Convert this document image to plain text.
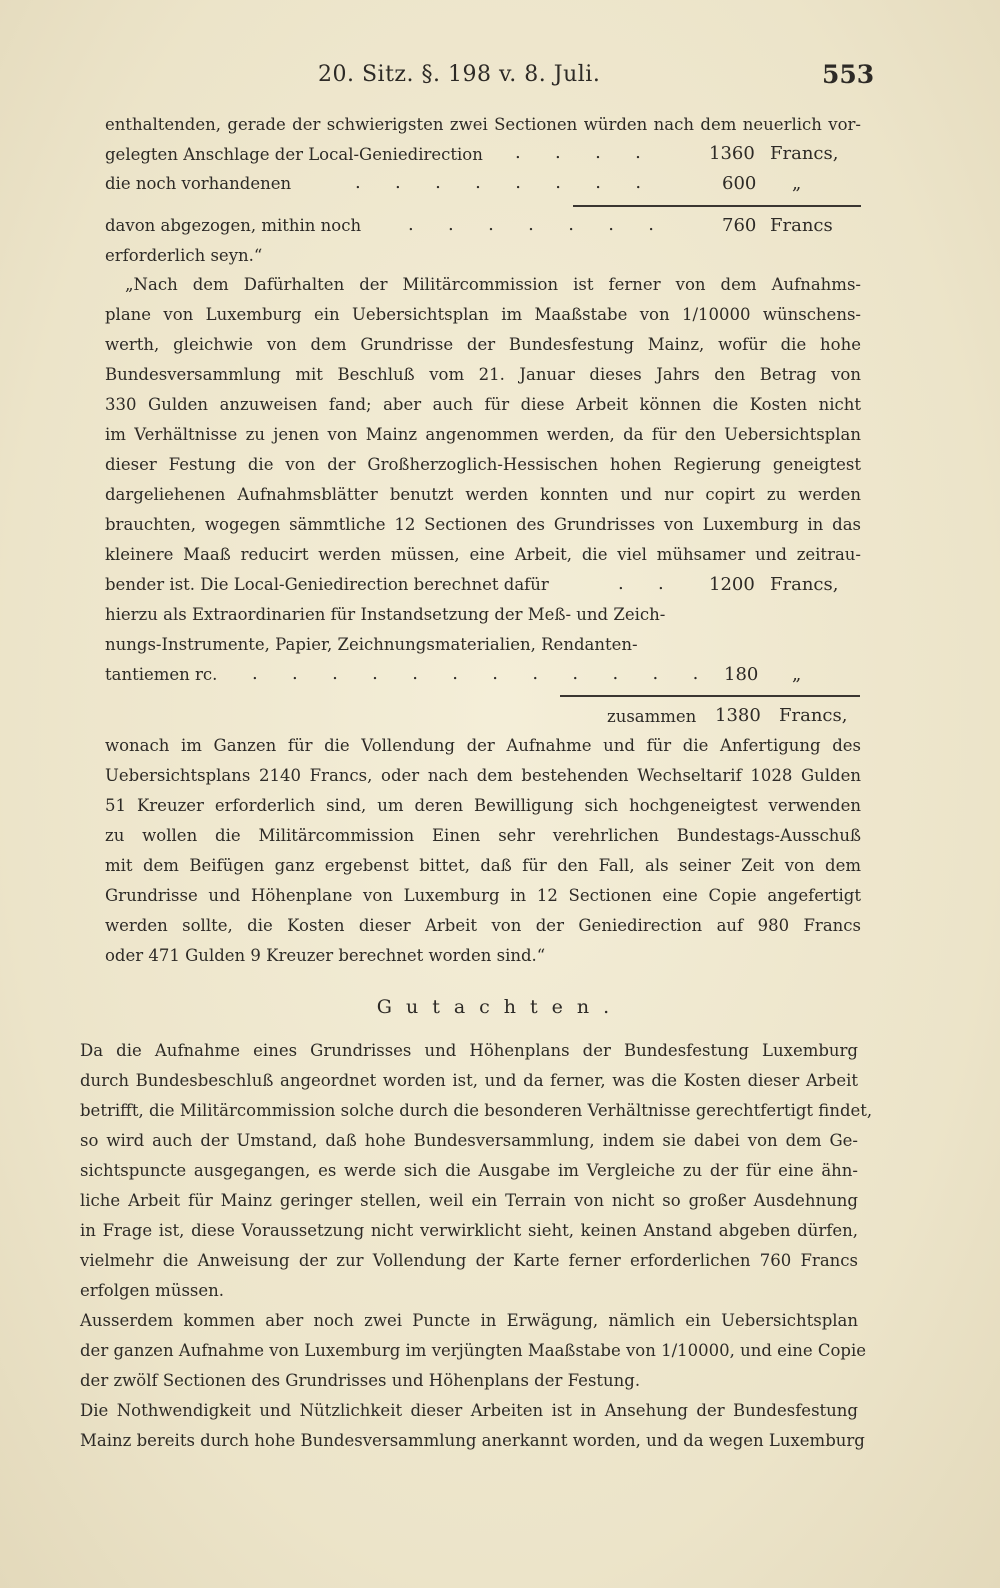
20. Sitz. §. 198 v. 8. Juli.	553
enthaltenden, gerade der schwierigsten zwei Sectionen würden nach dem neuerlich vor-
gelegten Anschlage der Local-Geniedirection .      .      .      .	1360 Francs,
die noch vorhandenen	.      .      .      .      .      .      .      .	600 „
davon abgezogen, mithin noch	.      .      .      .      .      .      .	760 Francs
erforderlich seyn.“
„Nach dem Dafürhalten der Militärcommission ist ferner von dem Aufnahms-
plane von Luxemburg ein Uebersichtsplan im Maaßstabe von 1/10000 wünschens-
werth, gleichwie von dem Grundrisse der Bundesfestung Mainz, wofür die hohe
Bundesversammlung mit Beschluß vom 21. Januar dieses Jahrs den Betrag von
330 Gulden anzuweisen fand; aber auch für diese Arbeit können die Kosten nicht
im Verhältnisse zu jenen von Mainz angenommen werden, da für den Uebersichtsplan
dieser Festung die von der Großherzoglich-Hessischen hohen Regierung geneigtest
dargeliehenen Aufnahmsblätter benutzt werden konnten und nur copirt zu werden
brauchten, wogegen sämmtliche 12 Sectionen des Grundrisses von Luxemburg in das
kleinere Maaß reducirt werden müssen, eine Arbeit, die viel mühsamer und zeitrau-
bender ist. Die Local-Geniedirection berechnet dafür	.      .	1200 Francs,
hierzu als Extraordinarien für Instandsetzung der Meß- und Zeich-
nungs-Instrumente, Papier, Zeichnungsmaterialien, Rendanten-
tantiemen rc. .      .      .      .      .      .      .      .      .      .      .      . 180 „
zusammen 1380 Francs,
wonach im Ganzen für die Vollendung der Aufnahme und für die Anfertigung des
Uebersichtsplans 2140 Francs, oder nach dem bestehenden Wechseltarif 1028 Gulden
51 Kreuzer erforderlich sind, um deren Bewilligung sich hochgeneigtest verwenden
zu wollen die Militärcommission Einen sehr verehrlichen Bundestags-Ausschuß
mit dem Beifügen ganz ergebenst bittet, daß für den Fall, als seiner Zeit von dem
Grundrisse und Höhenplane von Luxemburg in 12 Sectionen eine Copie angefertigt
werden sollte, die Kosten dieser Arbeit von der Geniedirection auf 980 Francs
oder 471 Gulden 9 Kreuzer berechnet worden sind.“
Gutachten.
Da die Aufnahme eines Grundrisses und Höhenplans der Bundesfestung Luxemburg
durch Bundesbeschluß angeordnet worden ist, und da ferner, was die Kosten dieser Arbeit
betrifft, die Militärcommission solche durch die besonderen Verhältnisse gerechtfertigt findet,
so wird auch der Umstand, daß hohe Bundesversammlung, indem sie dabei von dem Ge-
sichtspuncte ausgegangen, es werde sich die Ausgabe im Vergleiche zu der für eine ähn-
liche Arbeit für Mainz geringer stellen, weil ein Terrain von nicht so großer Ausdehnung
in Frage ist, diese Voraussetzung nicht verwirklicht sieht, keinen Anstand abgeben dürfen,
vielmehr die Anweisung der zur Vollendung der Karte ferner erforderlichen 760 Francs
erfolgen müssen.
Ausserdem kommen aber noch zwei Puncte in Erwägung, nämlich ein Uebersichtsplan
der ganzen Aufnahme von Luxemburg im verjüngten Maaßstabe von 1/10000, und eine Copie
der zwölf Sectionen des Grundrisses und Höhenplans der Festung.
Die Nothwendigkeit und Nützlichkeit dieser Arbeiten ist in Ansehung der Bundesfestung
Mainz bereits durch hohe Bundesversammlung anerkannt worden, und da wegen Luxemburg
